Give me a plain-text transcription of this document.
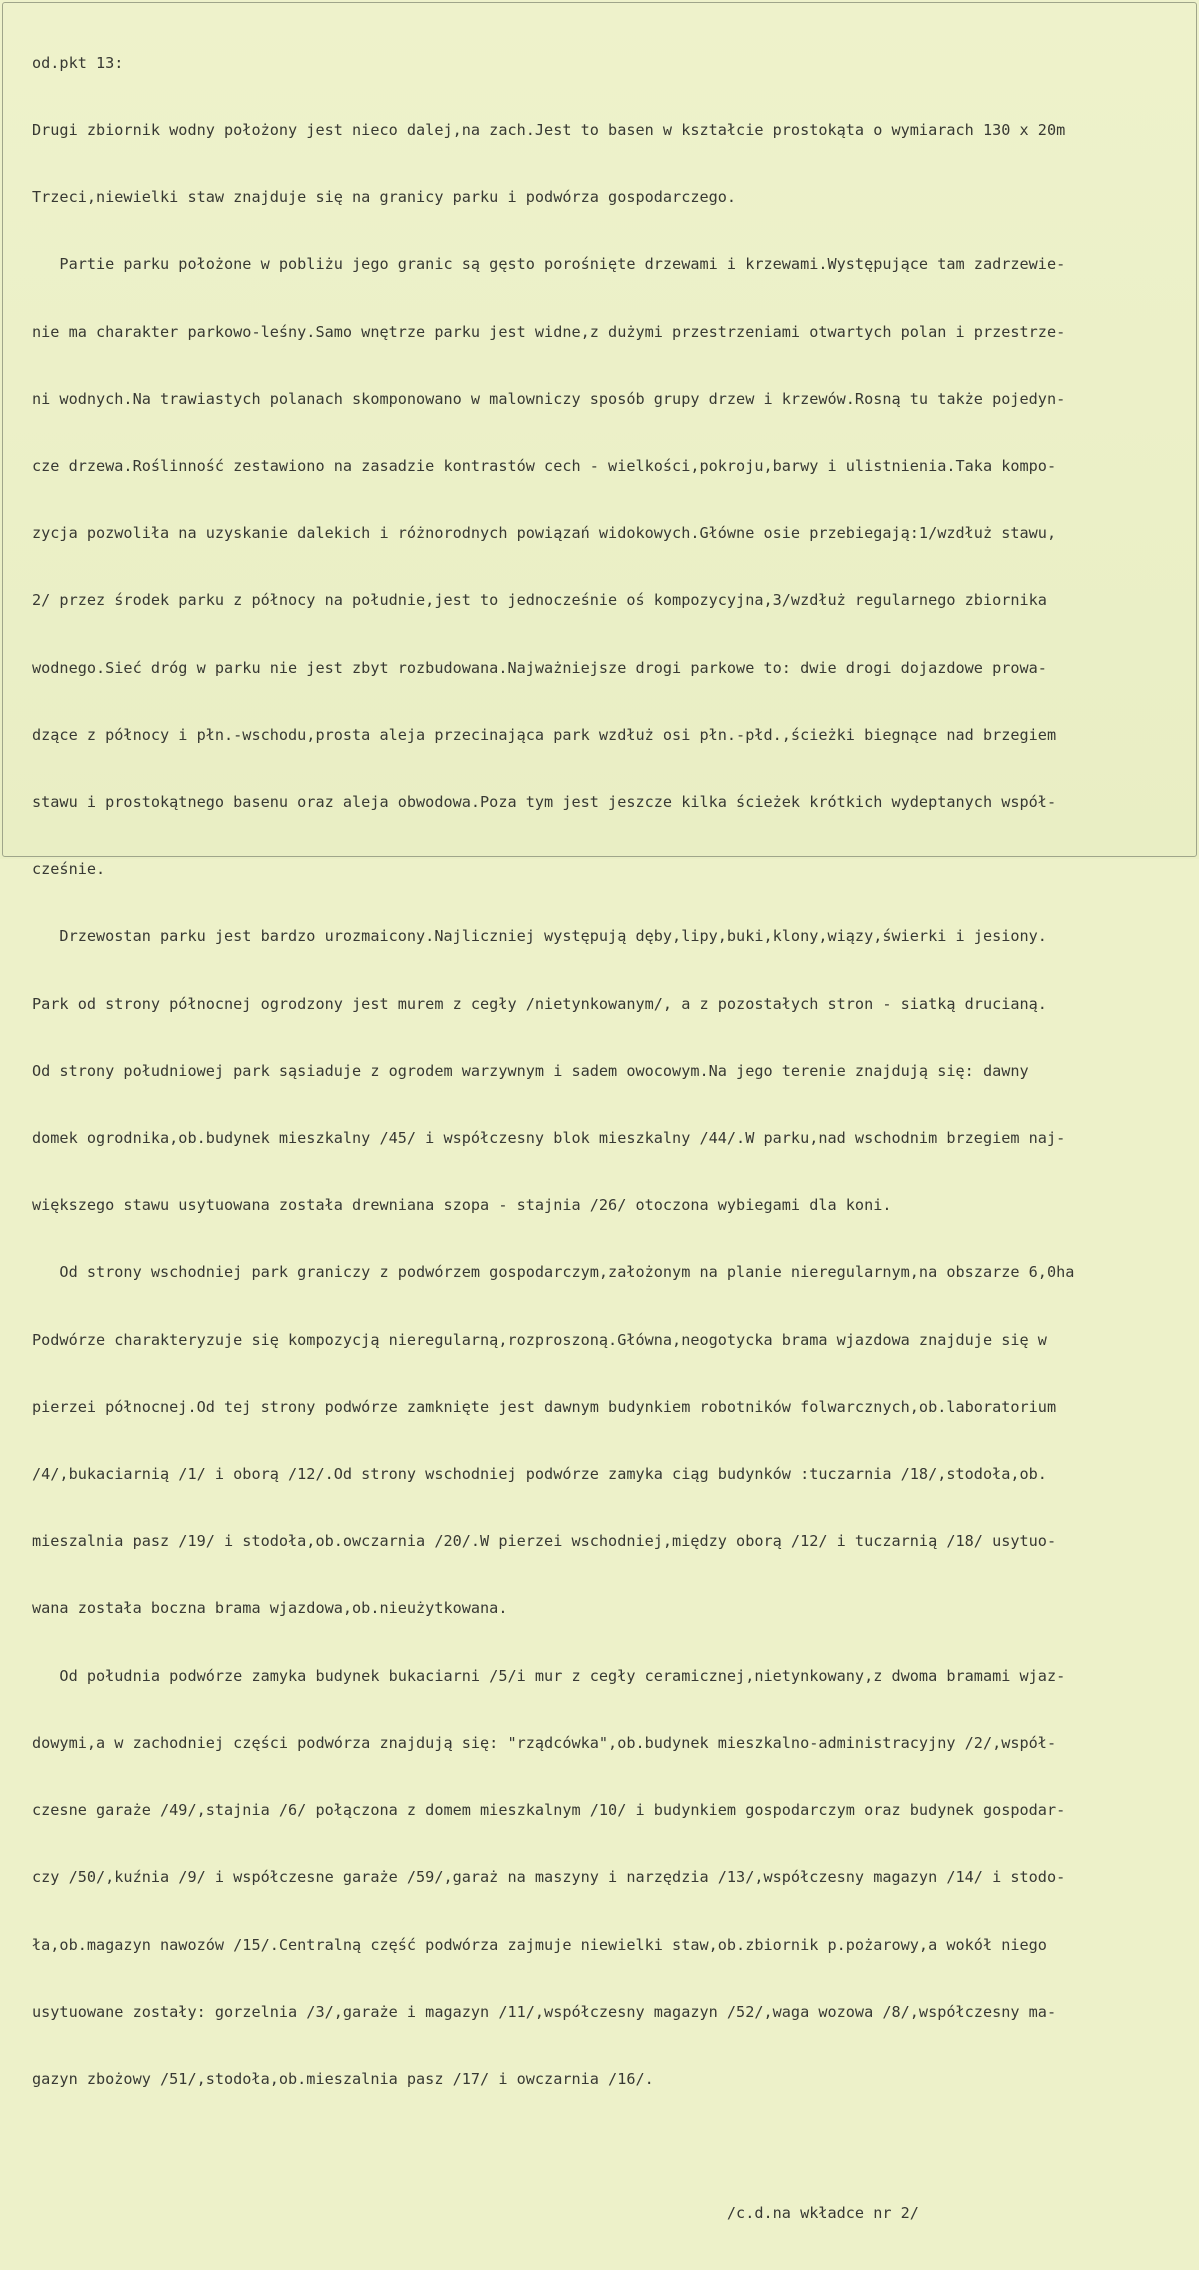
od.pkt 13:

Drugi zbiornik wodny położony jest nieco dalej,na zach.Jest to basen w kształcie prostokąta o wymiarach 130 x 20m

Trzeci,niewielki staw znajduje się na granicy parku i podwórza gospodarczego.

Partie parku położone w pobliżu jego granic są gęsto porośnięte drzewami i krzewami.Występujące tam zadrzewie-

nie ma charakter parkowo-leśny.Samo wnętrze parku jest widne,z dużymi przestrzeniami otwartych polan i przestrze-

ni wodnych.Na trawiastych polanach skomponowano w malowniczy sposób grupy drzew i krzewów.Rosną tu także pojedyn-

cze drzewa.Roślinność zestawiono na zasadzie kontrastów cech - wielkości,pokroju,barwy i ulistnienia.Taka kompo-

zycja pozwoliła na uzyskanie dalekich i różnorodnych powiązań widokowych.Główne osie przebiegają:1/wzdłuż stawu,

2/ przez środek parku z północy na południe,jest to jednocześnie oś kompozycyjna,3/wzdłuż regularnego zbiornika

wodnego.Sieć dróg w parku nie jest zbyt rozbudowana.Najważniejsze drogi parkowe to: dwie drogi dojazdowe prowa-

dzące z północy i płn.-wschodu,prosta aleja przecinająca park wzdłuż osi płn.-płd.,ścieżki biegnące nad brzegiem

stawu i prostokątnego basenu oraz aleja obwodowa.Poza tym jest jeszcze kilka ścieżek krótkich wydeptanych współ-

cześnie.

Drzewostan parku jest bardzo urozmaicony.Najliczniej występują dęby,lipy,buki,klony,wiązy,świerki i jesiony.

Park od strony północnej ogrodzony jest murem z cegły /nietynkowanym/, a z pozostałych stron - siatką drucianą.

Od strony południowej park sąsiaduje z ogrodem warzywnym i sadem owocowym.Na jego terenie znajdują się: dawny

domek ogrodnika,ob.budynek mieszkalny /45/ i współczesny blok mieszkalny /44/.W parku,nad wschodnim brzegiem naj-

większego stawu usytuowana została drewniana szopa - stajnia /26/ otoczona wybiegami dla koni.

Od strony wschodniej park graniczy z podwórzem gospodarczym,założonym na planie nieregularnym,na obszarze 6,0ha

Podwórze charakteryzuje się kompozycją nieregularną,rozproszoną.Główna,neogotycka brama wjazdowa znajduje się w

pierzei północnej.Od tej strony podwórze zamknięte jest dawnym budynkiem robotników folwarcznych,ob.laboratorium

/4/,bukaciarnią /1/ i oborą /12/.Od strony wschodniej podwórze zamyka ciąg budynków :tuczarnia /18/,stodoła,ob.

mieszalnia pasz /19/ i stodoła,ob.owczarnia /20/.W pierzei wschodniej,między oborą /12/ i tuczarnią /18/ usytuo-

wana została boczna brama wjazdowa,ob.nieużytkowana.

Od południa podwórze zamyka budynek bukaciarni /5/i mur z cegły ceramicznej,nietynkowany,z dwoma bramami wjaz-

dowymi,a w zachodniej części podwórza znajdują się: "rządcówka",ob.budynek mieszkalno-administracyjny /2/,współ-

czesne garaże /49/,stajnia /6/ połączona z domem mieszkalnym /10/ i budynkiem gospodarczym oraz budynek gospodar-

czy /50/,kuźnia /9/ i współczesne garaże /59/,garaż na maszyny i narzędzia /13/,współczesny magazyn /14/ i stodo-

ła,ob.magazyn nawozów /15/.Centralną część podwórza zajmuje niewielki staw,ob.zbiornik p.pożarowy,a wokół niego

usytuowane zostały: gorzelnia /3/,garaże i magazyn /11/,współczesny magazyn /52/,waga wozowa /8/,współczesny ma-

gazyn zbożowy /51/,stodoła,ob.mieszalnia pasz /17/ i owczarnia /16/.

/c.d.na wkładce nr 2/
